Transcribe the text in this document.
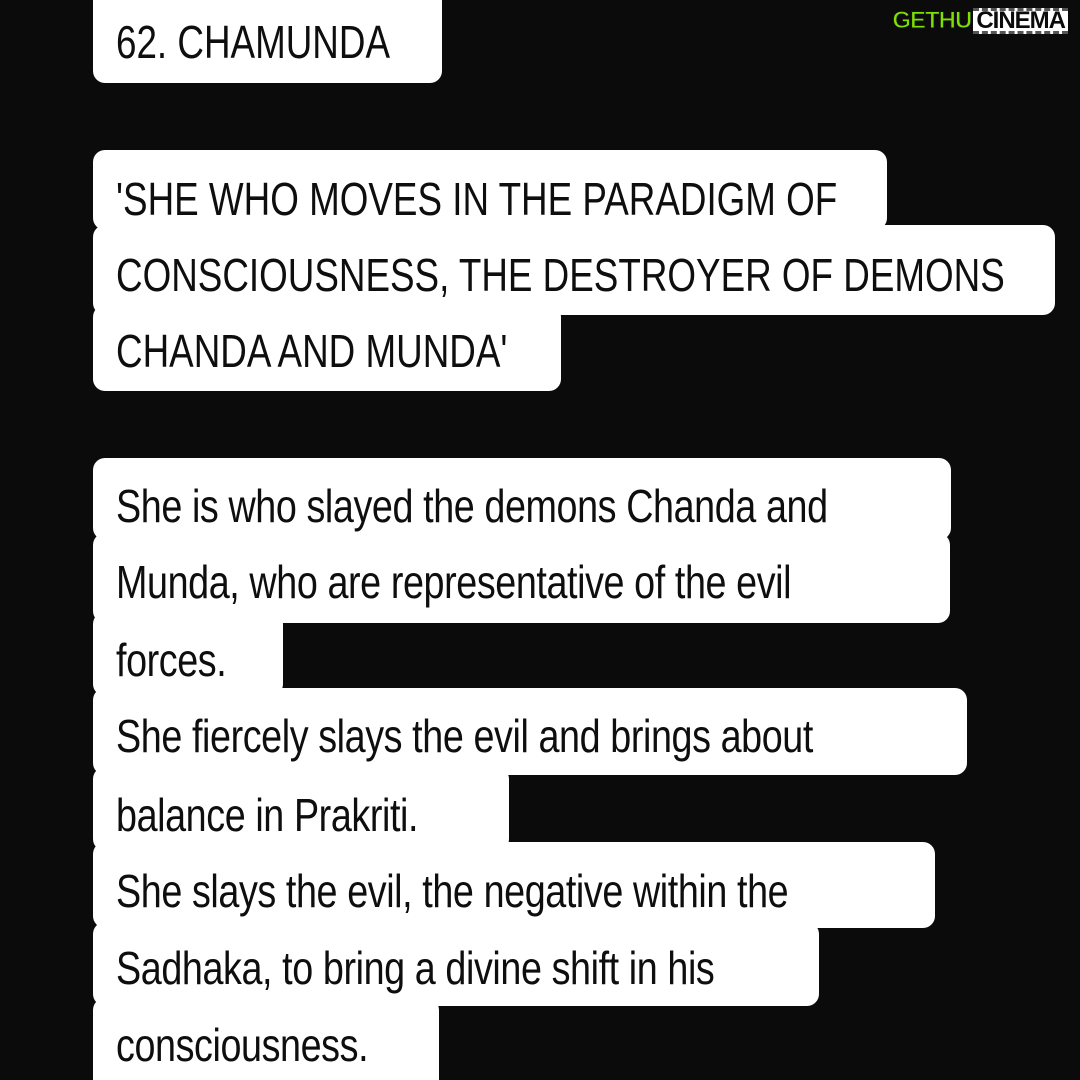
62. CHAMUNDA
'SHE WHO MOVES IN THE PARADIGM OF
CONSCIOUSNESS, THE DESTROYER OF DEMONS
CHANDA AND MUNDA'
She is who slayed the demons Chanda and
Munda, who are representative of the evil
forces.
She fiercely slays the evil and brings about
balance in Prakriti.
She slays the evil, the negative within the
Sadhaka, to bring a divine shift in his
consciousness.
GETHU CINEMA
